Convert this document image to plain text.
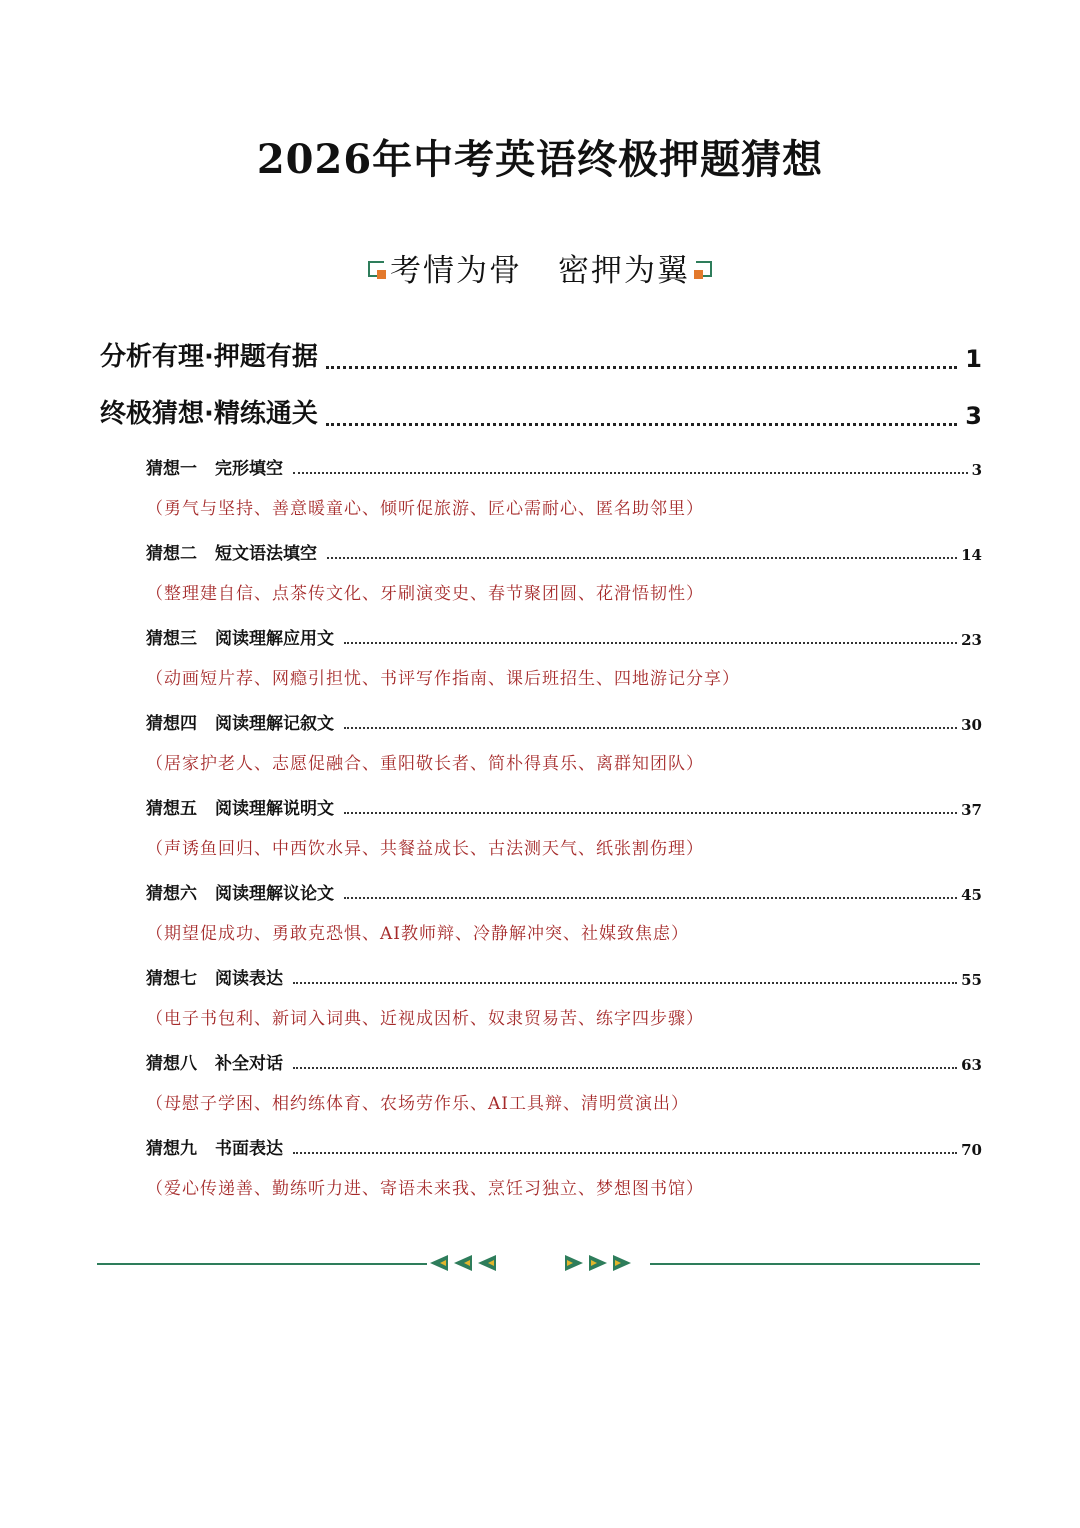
2026年中考英语终极押题猜想
考情为骨 密押为翼
分析有理·押题有据	1
终极猜想·精练通关	3
猜想一 完形填空	3
（勇气与坚持、善意暖童心、倾听促旅游、匠心需耐心、匿名助邻里）
猜想二 短文语法填空	14
（整理建自信、点茶传文化、牙刷演变史、春节聚团圆、花滑悟韧性）
猜想三 阅读理解应用文	23
（动画短片荐、网瘾引担忧、书评写作指南、课后班招生、四地游记分享）
猜想四 阅读理解记叙文	30
（居家护老人、志愿促融合、重阳敬长者、简朴得真乐、离群知团队）
猜想五 阅读理解说明文	37
（声诱鱼回归、中西饮水异、共餐益成长、古法测天气、纸张割伤理）
猜想六 阅读理解议论文	45
（期望促成功、勇敢克恐惧、AI教师辩、冷静解冲突、社媒致焦虑）
猜想七 阅读表达	55
（电子书包利、新词入词典、近视成因析、奴隶贸易苦、练字四步骤）
猜想八 补全对话	63
（母慰子学困、相约练体育、农场劳作乐、AI工具辩、清明赏演出）
猜想九 书面表达	70
（爱心传递善、勤练听力进、寄语未来我、烹饪习独立、梦想图书馆）
